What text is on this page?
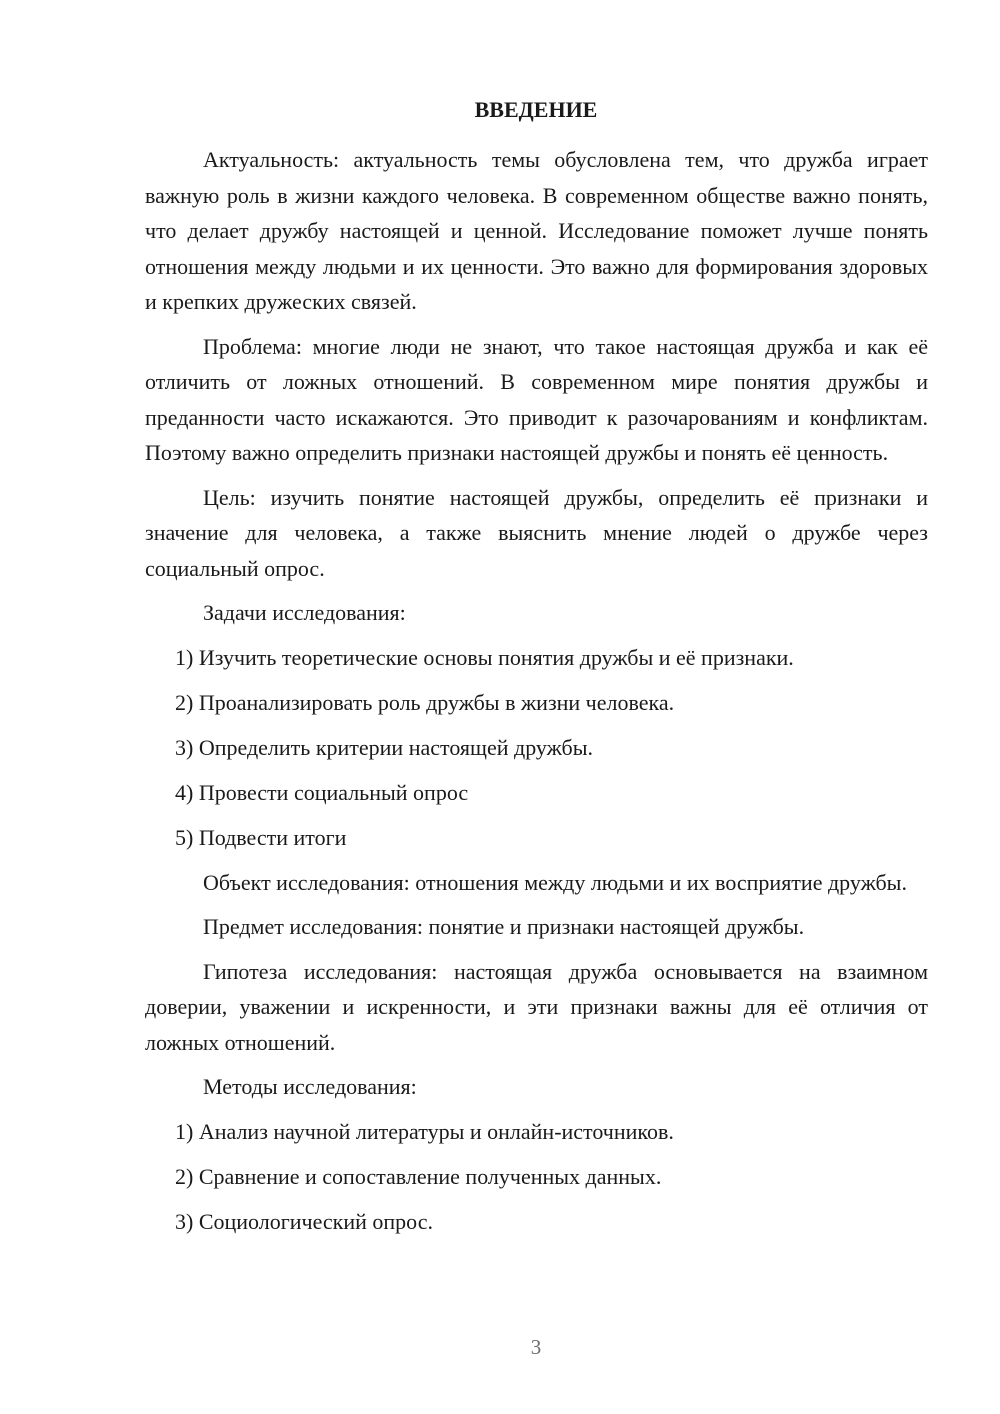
ВВЕДЕНИЕ

Актуальность: актуальность темы обусловлена тем, что дружба играет важную роль в жизни каждого человека. В современном обществе важно понять, что делает дружбу настоящей и ценной. Исследование поможет лучше понять отношения между людьми и их ценности. Это важно для формирования здоровых и крепких дружеских связей.

Проблема: многие люди не знают, что такое настоящая дружба и как её отличить от ложных отношений. В современном мире понятия дружбы и преданности часто искажаются. Это приводит к разочарованиям и конфликтам. Поэтому важно определить признаки настоящей дружбы и понять её ценность.

Цель: изучить понятие настоящей дружбы, определить её признаки и значение для человека, а также выяснить мнение людей о дружбе через социальный опрос.

Задачи исследования:

1) Изучить теоретические основы понятия дружбы и её признаки.
2) Проанализировать роль дружбы в жизни человека.
3) Определить критерии настоящей дружбы.
4) Провести социальный опрос
5) Подвести итоги

Объект исследования: отношения между людьми и их восприятие дружбы.

Предмет исследования: понятие и признаки настоящей дружбы.

Гипотеза исследования: настоящая дружба основывается на взаимном доверии, уважении и искренности, и эти признаки важны для её отличия от ложных отношений.

Методы исследования:

1) Анализ научной литературы и онлайн-источников.
2) Сравнение и сопоставление полученных данных.
3) Социологический опрос.
3
